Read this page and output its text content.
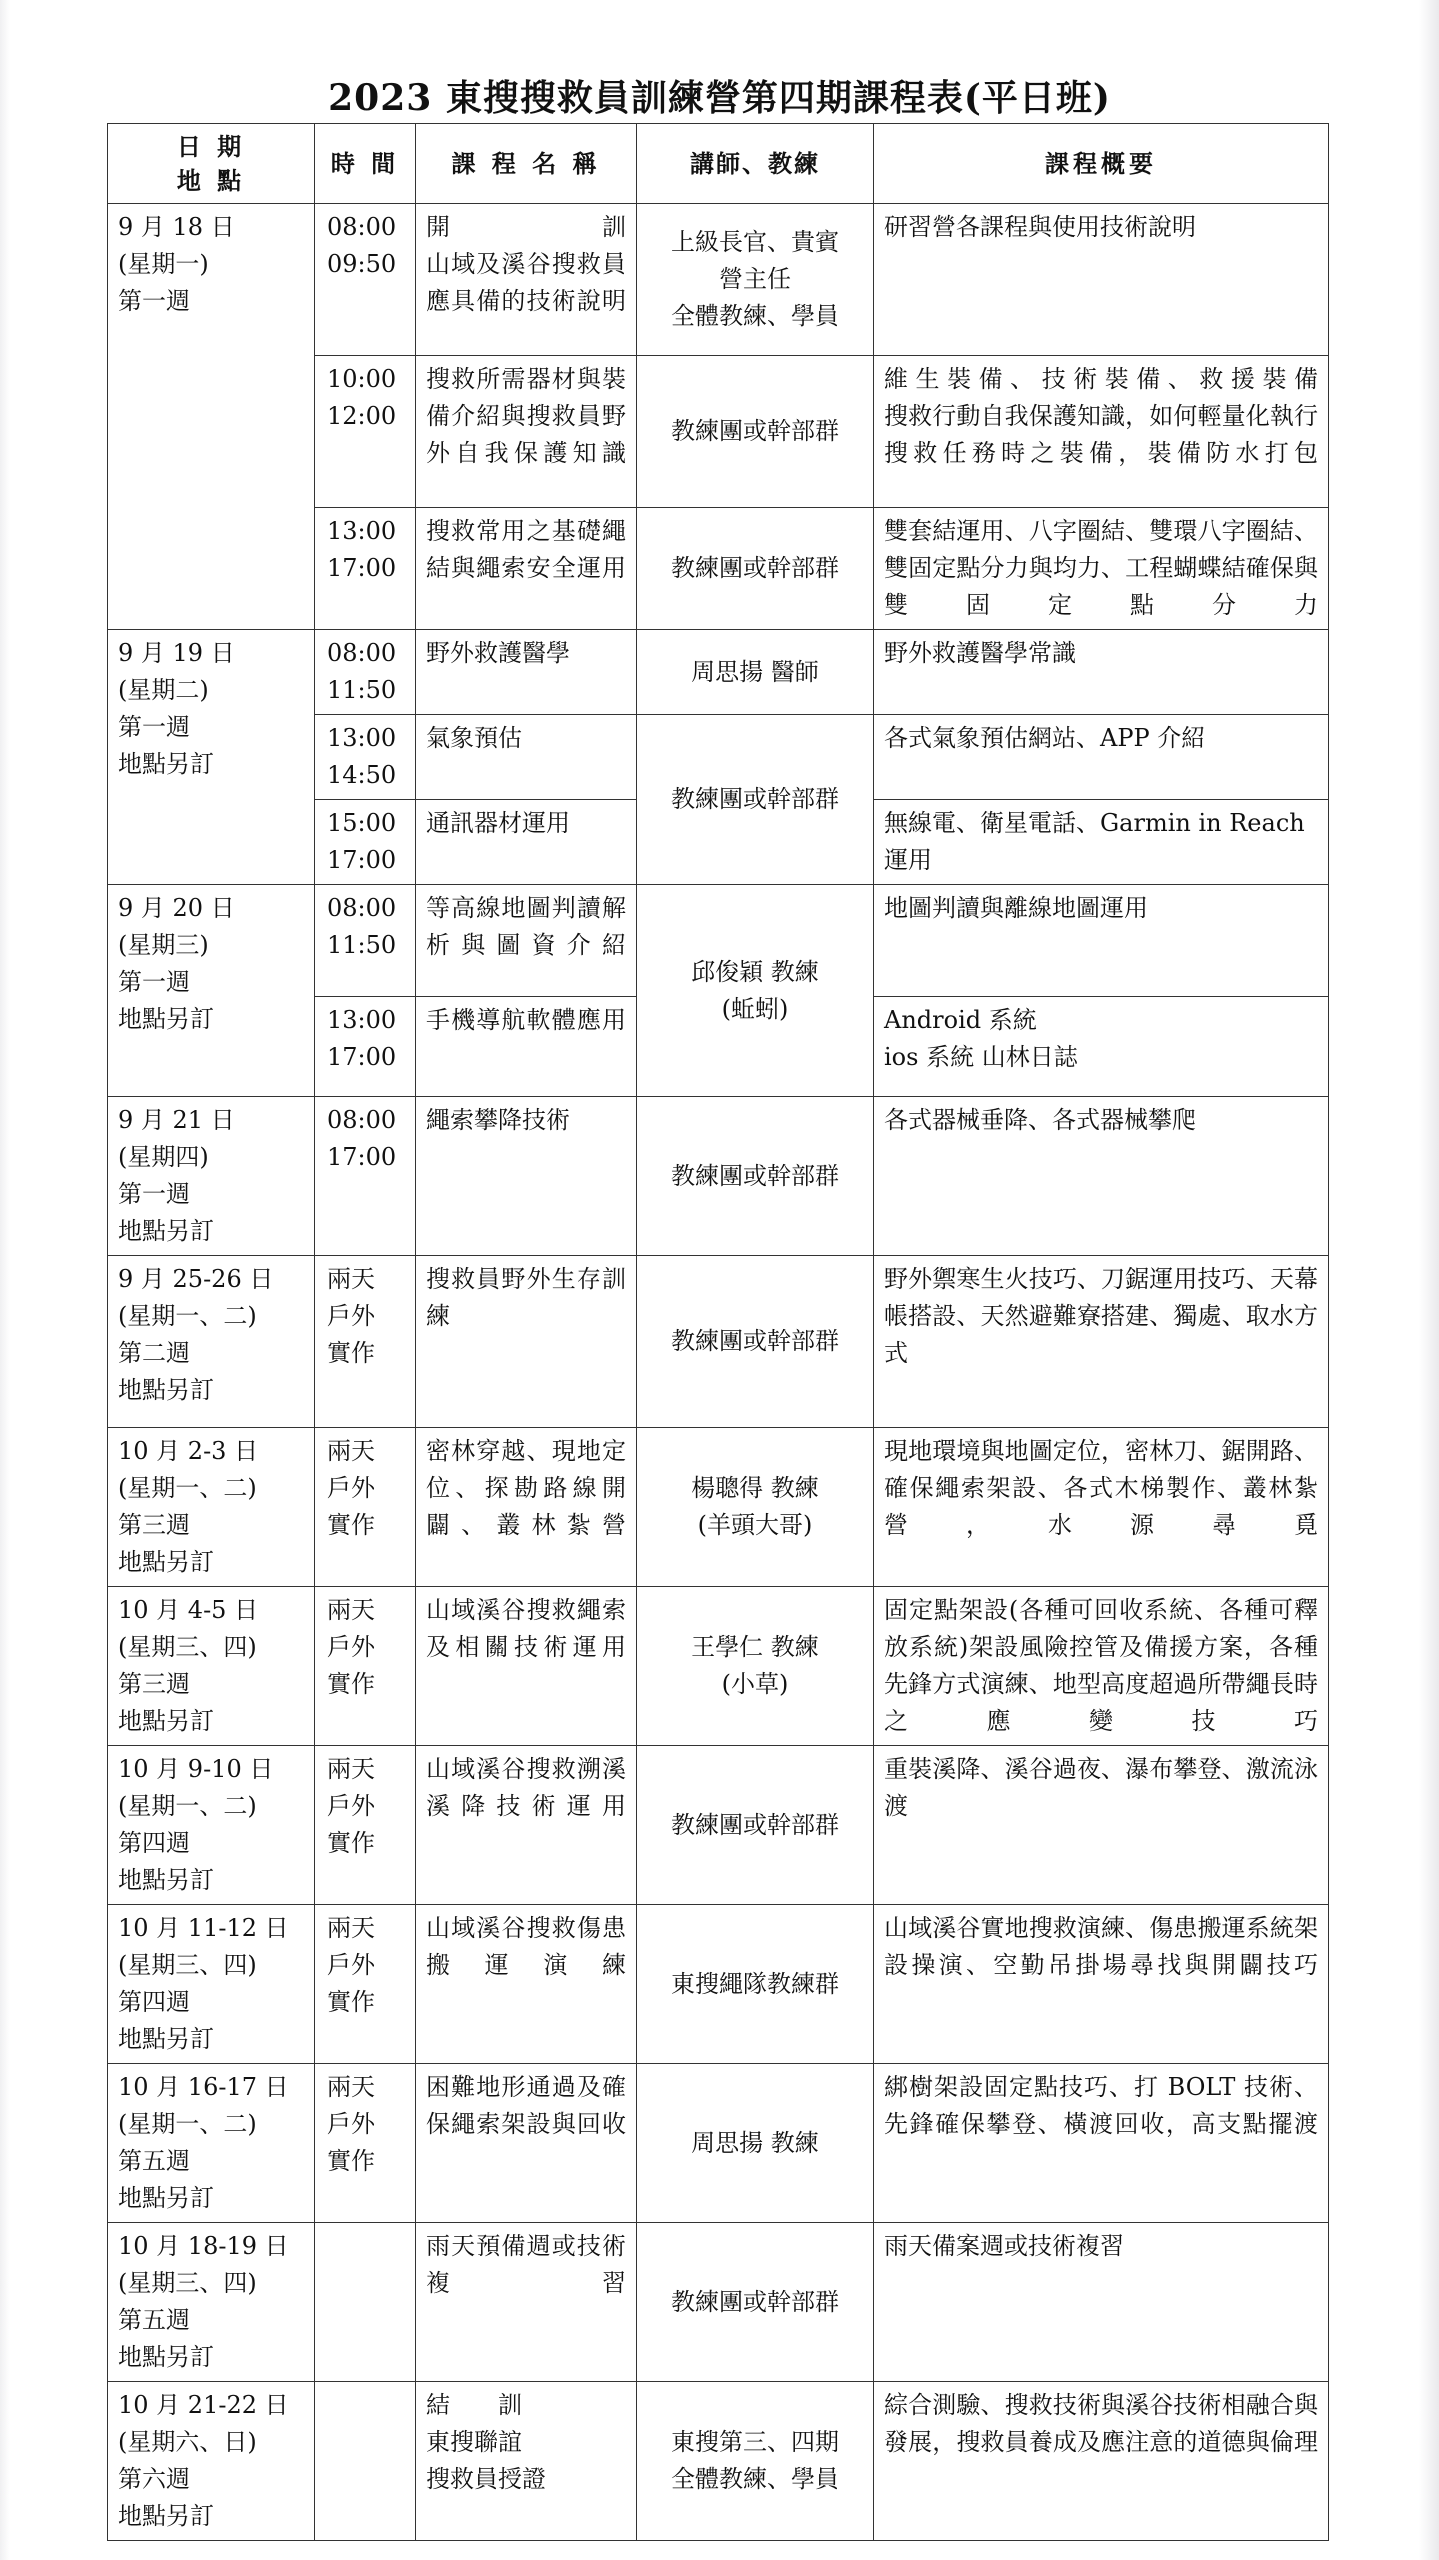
2023 東搜搜救員訓練營第四期課程表(平日班)
日 期
地 點	時 間	課 程 名 稱	講師、教練	課程概要
9 月 18 日
(星期一)
第一週	08:00
09:50	開　　訓
山域及溪谷搜救員應具備的技術說明	上級長官、貴賓
營主任
全體教練、學員	研習營各課程與使用技術說明
	10:00
12:00	搜救所需器材與裝備介紹與搜救員野外自我保護知識	教練團或幹部群	維生裝備、技術裝備、救援裝備
搜救行動自我保護知識，如何輕量化執行搜救任務時之裝備，裝備防水打包
	13:00
17:00	搜救常用之基礎繩結與繩索安全運用	教練團或幹部群	雙套結運用、八字圈結、雙環八字圈結、雙固定點分力與均力、工程蝴蝶結確保與雙固定點分力
9 月 19 日
(星期二)
第一週
地點另訂	08:00
11:50	野外救護醫學	周思揚 醫師	野外救護醫學常識
	13:00
14:50	氣象預估	教練團或幹部群	各式氣象預估網站、APP 介紹
	15:00
17:00	通訊器材運用		無線電、衛星電話、Garmin in Reach 運用
9 月 20 日
(星期三)
第一週
地點另訂	08:00
11:50	等高線地圖判讀解析與圖資介紹	邱俊穎 教練
(蚯蚓)	地圖判讀與離線地圖運用
	13:00
17:00	手機導航軟體應用		Android 系統
ios 系統 山林日誌
9 月 21 日
(星期四)
第一週
地點另訂	08:00
17:00	繩索攀降技術	教練團或幹部群	各式器械垂降、各式器械攀爬
9 月 25-26 日
(星期一、二)
第二週
地點另訂	兩天
戶外
實作	搜救員野外生存訓練	教練團或幹部群	野外禦寒生火技巧、刀鋸運用技巧、天幕帳搭設、天然避難寮搭建、獨處、取水方式
10 月 2-3 日
(星期一、二)
第三週
地點另訂	兩天
戶外
實作	密林穿越、現地定位、探勘路線開闢、叢林紮營	楊聰得 教練
(羊頭大哥)	現地環境與地圖定位，密林刀、鋸開路、確保繩索架設、各式木梯製作、叢林紮營，水源尋覓
10 月 4-5 日
(星期三、四)
第三週
地點另訂	兩天
戶外
實作	山域溪谷搜救繩索及相關技術運用	王學仁 教練
(小草)	固定點架設(各種可回收系統、各種可釋放系統)架設風險控管及備援方案，各種先鋒方式演練、地型高度超過所帶繩長時之應變技巧
10 月 9-10 日
(星期一、二)
第四週
地點另訂	兩天
戶外
實作	山域溪谷搜救溯溪溪降技術運用	教練團或幹部群	重裝溪降、溪谷過夜、瀑布攀登、激流泳渡
10 月 11-12 日
(星期三、四)
第四週
地點另訂	兩天
戶外
實作	山域溪谷搜救傷患搬運演練	東搜繩隊教練群	山域溪谷實地搜救演練、傷患搬運系統架設操演、空勤吊掛場尋找與開闢技巧
10 月 16-17 日
(星期一、二)
第五週
地點另訂	兩天
戶外
實作	困難地形通過及確保繩索架設與回收	周思揚 教練	綁樹架設固定點技巧、打 BOLT 技術、先鋒確保攀登、橫渡回收，高支點擺渡
10 月 18-19 日
(星期三、四)
第五週
地點另訂		雨天預備週或技術複習	教練團或幹部群	雨天備案週或技術複習
10 月 21-22 日
(星期六、日)
第六週
地點另訂		結　　訓
東搜聯誼
搜救員授證	東搜第三、四期
全體教練、學員	綜合測驗、搜救技術與溪谷技術相融合與發展，搜救員養成及應注意的道德與倫理
